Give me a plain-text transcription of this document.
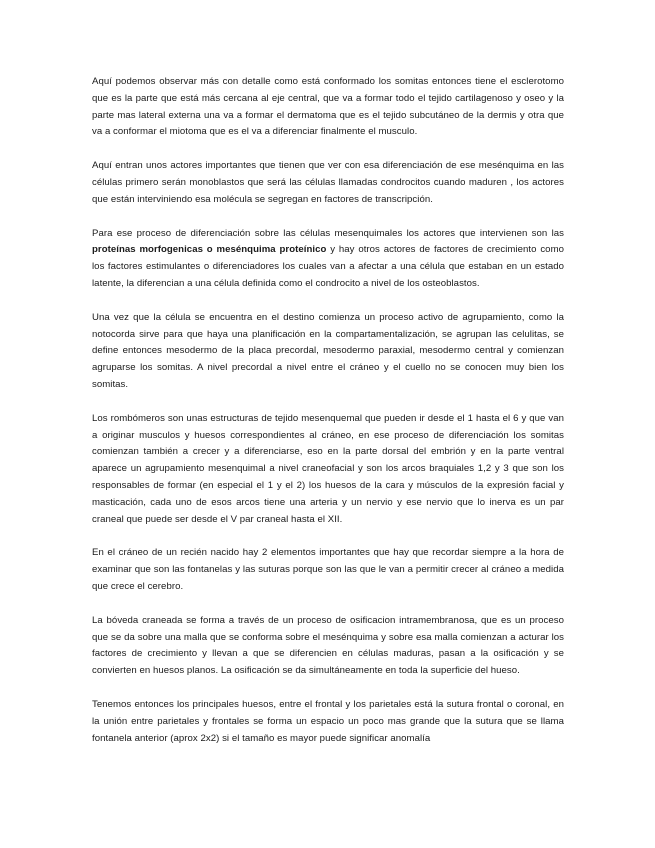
Aquí podemos observar más con detalle como está conformado los somitas entonces tiene el esclerotomo que es la parte que está más cercana al eje central, que va a formar todo el tejido cartilagenoso y oseo y la parte mas lateral externa una va a formar el dermatoma que es el tejido subcutáneo de la dermis y otra que va a conformar el miotoma que es el va a diferenciar finalmente el musculo.

Aquí entran unos actores importantes que tienen que ver con esa diferenciación de ese mesénquima en las células primero serán monoblastos que será las células llamadas condrocitos cuando maduren , los actores que están interviniendo esa molécula se segregan en factores de transcripción.

Para ese proceso de diferenciación sobre las células mesenquimales los actores que intervienen son las proteínas morfogenicas o mesénquima proteínico y hay otros actores de factores de crecimiento como los factores estimulantes o diferenciadores los cuales van a afectar a una célula que estaban en un estado latente, la diferencian a una célula definida como el condrocito a nivel de los osteoblastos.

Una vez que la célula se encuentra en el destino comienza un proceso activo de agrupamiento, como la notocorda sirve para que haya una planificación en la compartamentalización, se agrupan las celulitas, se define entonces mesodermo de la placa precordal, mesodermo paraxial, mesodermo central y comienzan agruparse los somitas. A nivel precordal a nivel entre el cráneo y el cuello no se conocen muy bien los somitas.

Los rombómeros son unas estructuras de tejido mesenquemal que pueden ir desde el 1 hasta el 6 y que van a originar musculos y huesos correspondientes al cráneo, en ese proceso de diferenciación los somitas comienzan también a crecer y a diferenciarse, eso en la parte dorsal del embrión y en la parte ventral aparece un agrupamiento mesenquimal a nivel craneofacial y son los arcos braquiales 1,2 y 3 que son los responsables de formar (en especial el 1 y el 2) los huesos de la cara y músculos de la expresión facial y masticación, cada uno de esos arcos tiene una arteria y un nervio y ese nervio que lo inerva es un par craneal que puede ser desde el V par craneal hasta el XII.

En el cráneo de un recién nacido hay 2 elementos importantes que hay que recordar siempre a la hora de examinar que son las fontanelas y las suturas porque son las que le van a permitir crecer al cráneo a medida que crece el cerebro.

La bóveda craneada se forma a través de un proceso de osificacion intramembranosa, que es un proceso que se da sobre una malla que se conforma sobre el mesénquima y sobre esa malla comienzan a acturar los factores de crecimiento y llevan a que se diferencien en células maduras, pasan a la osificación y se convierten en huesos planos. La osificación se da simultáneamente en toda la superficie del hueso.

Tenemos entonces los principales huesos, entre el frontal y los parietales está la sutura frontal o coronal, en la unión entre parietales y frontales se forma un espacio un poco mas grande que la sutura que se llama fontanela anterior (aprox 2x2) si el tamaño es mayor puede significar anomalía
